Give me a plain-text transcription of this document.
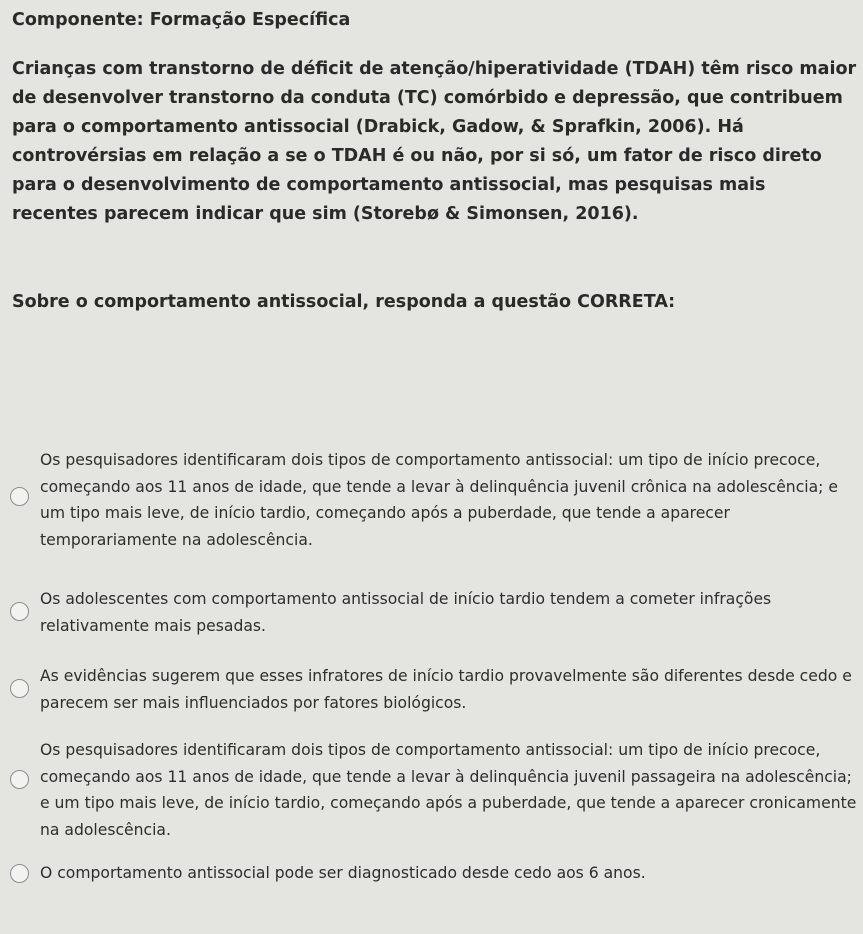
Componente: Formação Específica

Crianças com transtorno de déficit de atenção/hiperatividade (TDAH) têm risco maior de desenvolver transtorno da conduta (TC) comórbido e depressão, que contribuem para o comportamento antissocial (Drabick, Gadow, & Sprafkin, 2006). Há controvérsias em relação a se o TDAH é ou não, por si só, um fator de risco direto para o desenvolvimento de comportamento antissocial, mas pesquisas mais recentes parecem indicar que sim (Storebø & Simonsen, 2016).

Sobre o comportamento antissocial, responda a questão CORRETA:

Os pesquisadores identificaram dois tipos de comportamento antissocial: um tipo de início precoce, começando aos 11 anos de idade, que tende a levar à delinquência juvenil crônica na adolescência; e um tipo mais leve, de início tardio, começando após a puberdade, que tende a aparecer temporariamente na adolescência.
Os adolescentes com comportamento antissocial de início tardio tendem a cometer infrações relativamente mais pesadas.
As evidências sugerem que esses infratores de início tardio provavelmente são diferentes desde cedo e parecem ser mais influenciados por fatores biológicos.
Os pesquisadores identificaram dois tipos de comportamento antissocial: um tipo de início precoce, começando aos 11 anos de idade, que tende a levar à delinquência juvenil passageira na adolescência; e um tipo mais leve, de início tardio, começando após a puberdade, que tende a aparecer cronicamente na adolescência.
O comportamento antissocial pode ser diagnosticado desde cedo aos 6 anos.
